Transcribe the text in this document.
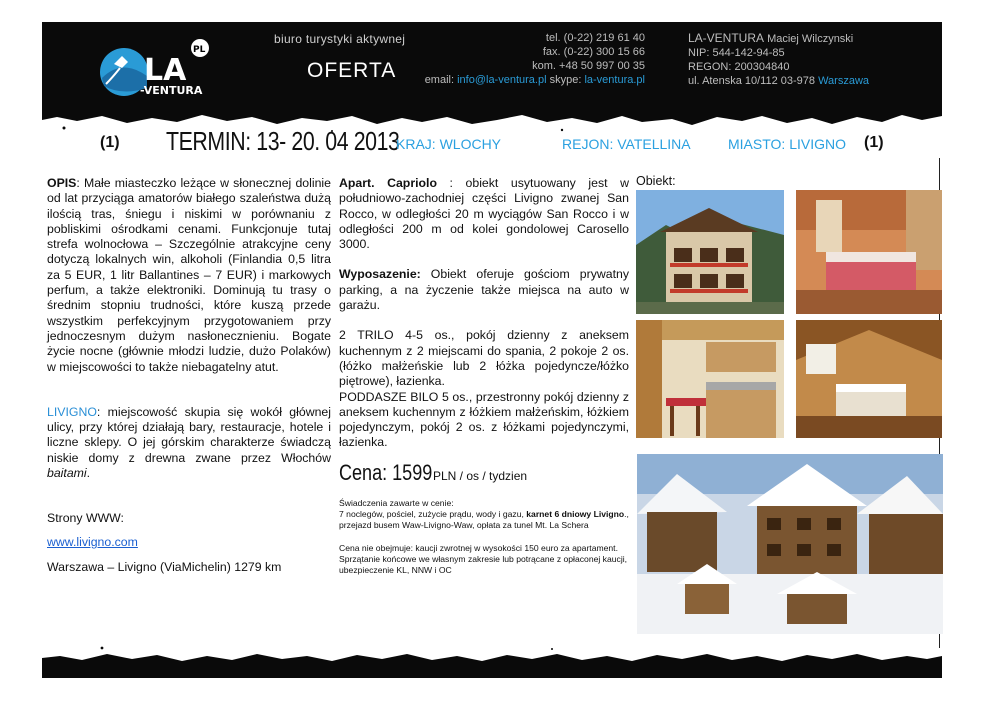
LA
-VENTURA
PL
biuro turystyki aktywnej
OFERTA
tel. (0-22) 219 61 40
fax. (0-22) 300 15 66
kom. +48 50 997 00 35
email: info@la-ventura.pl skype: la-ventura.pl
LA-VENTURA Maciej Wilczynski
NIP: 544-142-94-85
REGON: 200304840
ul. Atenska 10/112 03-978 Warszawa
(1) TERMIN: 13- 20. 04 2013
KRAJ: WLOCHY	REJON: VATELLINA	MIASTO: LIVIGNO (1)

OPIS: Małe miasteczko leżące w słonecznej dolinie od lat przyciąga amatorów białego szaleństwa dużą ilością tras, śniegu i niskimi w porównaniu z pobliskimi ośrodkami cenami. Funkcjonuje tutaj strefa wolnocłowa – Szczególnie atrakcyjne ceny dotyczą lokalnych win, alkoholi (Finlandia 0,5 litra za 5 EUR, 1 litr Ballantines – 7 EUR) i markowych perfum, a także elektroniki. Dominują tu trasy o średnim stopniu trudności, które kuszą przede wszystkim perfekcyjnym przygotowaniem przy jednoczesnym dużym nasłonecznieniu. Bogate życie nocne (głównie młodzi ludzie, dużo Polaków) w miejscowości to także niebagatelny atut.

LIVIGNO: miejscowość skupia się wokół głównej ulicy, przy której działają bary, restauracje, hotele i liczne sklepy. O jej górskim charakterze świadczą niskie domy z drewna zwane przez Włochów baitami.

Strony WWW:

www.livigno.com

Warszawa – Livigno (ViaMichelin) 1279 km

Apart. Capriolo : obiekt usytuowany jest w południowo-zachodniej części Livigno zwanej San Rocco, w odległości 20 m wyciągów San Rocco i w odległości 200 m od kolei gondolowej Carosello 3000.

Wyposazenie: Obiekt oferuje gościom prywatny parking, a na życzenie także miejsca na auto w garażu.

2 TRILO 4-5 os., pokój dzienny z aneksem kuchennym z 2 miejscami do spania, 2 pokoje 2 os. (łóżko małżeńskie lub 2 łóżka pojedyncze/łóżko piętrowe), łazienka.

PODDASZE BILO 5 os., przestronny pokój dzienny z aneksem kuchennym z łóżkiem małżeńskim, łóżkiem pojedynczym, pokój 2 os. z łóżkami pojedynczymi, łazienka.

Cena: 1599 PLN / os / tydzien

Świadczenia zawarte w cenie:
7 noclegów, pościel, zużycie prądu, wody i gazu, karnet 6 dniowy Livigno., przejazd busem Waw-Livigno-Waw, opłata za tunel Mt. La Schera

Cena nie obejmuje: kaucji zwrotnej w wysokości 150 euro za apartament. Sprzątanie końcowe we własnym zakresie lub potrącane z opłaconej kaucji, ubezpieczenie KL, NNW i OC

Obiekt:
